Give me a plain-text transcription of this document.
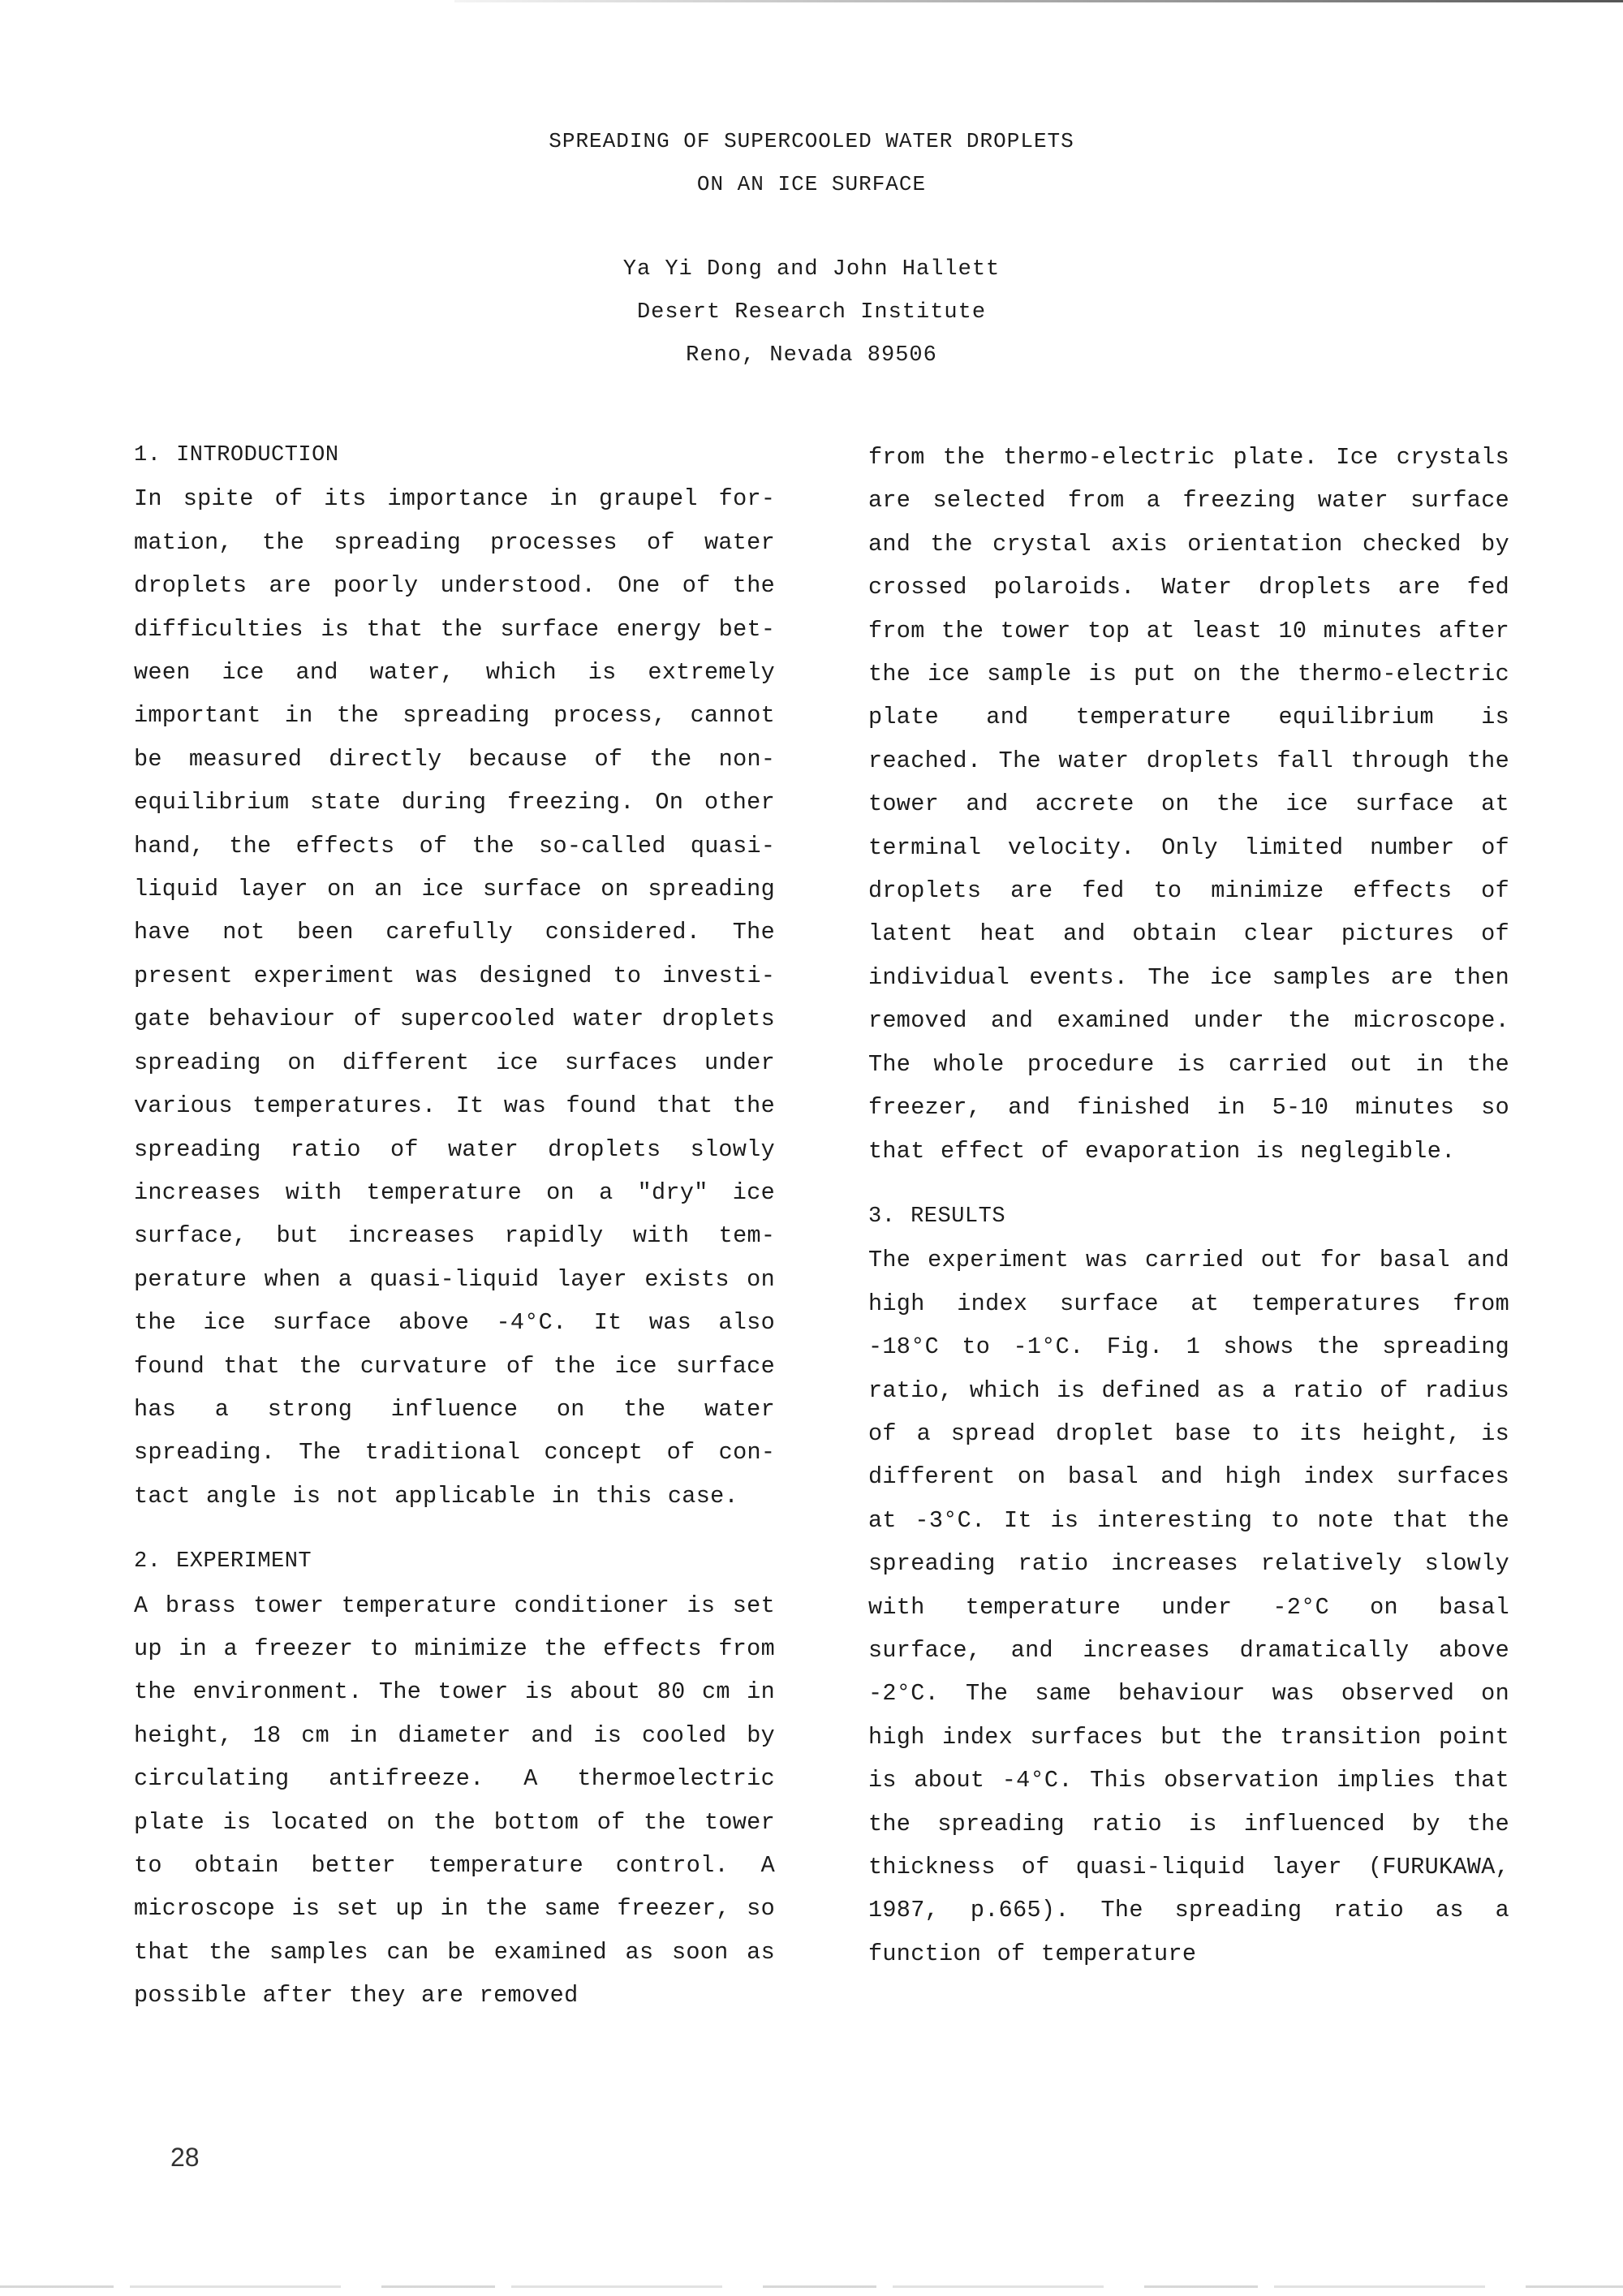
SPREADING OF SUPERCOOLED WATER DROPLETS
ON AN ICE SURFACE
Ya Yi Dong and John Hallett
Desert Research Institute
Reno, Nevada 89506
1. INTRODUCTION

In spite of its importance in graupel formation, the spreading processes of water droplets are poorly understood. One of the difficulties is that the surface energy between ice and water, which is extremely important in the spreading process, cannot be measured directly because of the nonequilibrium state during freezing. On other hand, the effects of the so-called quasiliquid layer on an ice surface on spreading have not been carefully considered. The present experiment was designed to investigate behaviour of supercooled water droplets spreading on different ice surfaces under various temperatures. It was found that the spreading ratio of water droplets slowly increases with temperature on a "dry" ice surface, but increases rapidly with temperature when a quasi-liquid layer exists on the ice surface above -4°C. It was also found that the curvature of the ice surface has a strong influence on the water spreading. The traditional concept of contact angle is not applicable in this case.

2. EXPERIMENT

A brass tower temperature conditioner is set up in a freezer to minimize the effects from the environment. The tower is about 80 cm in height, 18 cm in diameter and is cooled by circulating antifreeze. A thermoelectric plate is located on the bottom of the tower to obtain better temperature control. A microscope is set up in the same freezer, so that the samples can be examined as soon as possible after they are removed

from the thermo-electric plate. Ice crystals are selected from a freezing water surface and the crystal axis orientation checked by crossed polaroids. Water droplets are fed from the tower top at least 10 minutes after the ice sample is put on the thermo-electric plate and temperature equilibrium is reached. The water droplets fall through the tower and accrete on the ice surface at terminal velocity. Only limited number of droplets are fed to minimize effects of latent heat and obtain clear pictures of individual events. The ice samples are then removed and examined under the microscope. The whole procedure is carried out in the freezer, and finished in 5-10 minutes so that effect of evaporation is neglegible.

3. RESULTS

The experiment was carried out for basal and high index surface at temperatures from -18°C to -1°C. Fig. 1 shows the spreading ratio, which is defined as a ratio of radius of a spread droplet base to its height, is different on basal and high index surfaces at -3°C. It is interesting to note that the spreading ratio increases relatively slowly with temperature under -2°C on basal surface, and increases dramatically above -2°C. The same behaviour was observed on high index surfaces but the transition point is about -4°C. This observation implies that the spreading ratio is influenced by the thickness of quasi-liquid layer (FURUKAWA, 1987, p.665). The spreading ratio as a function of temperature

28
